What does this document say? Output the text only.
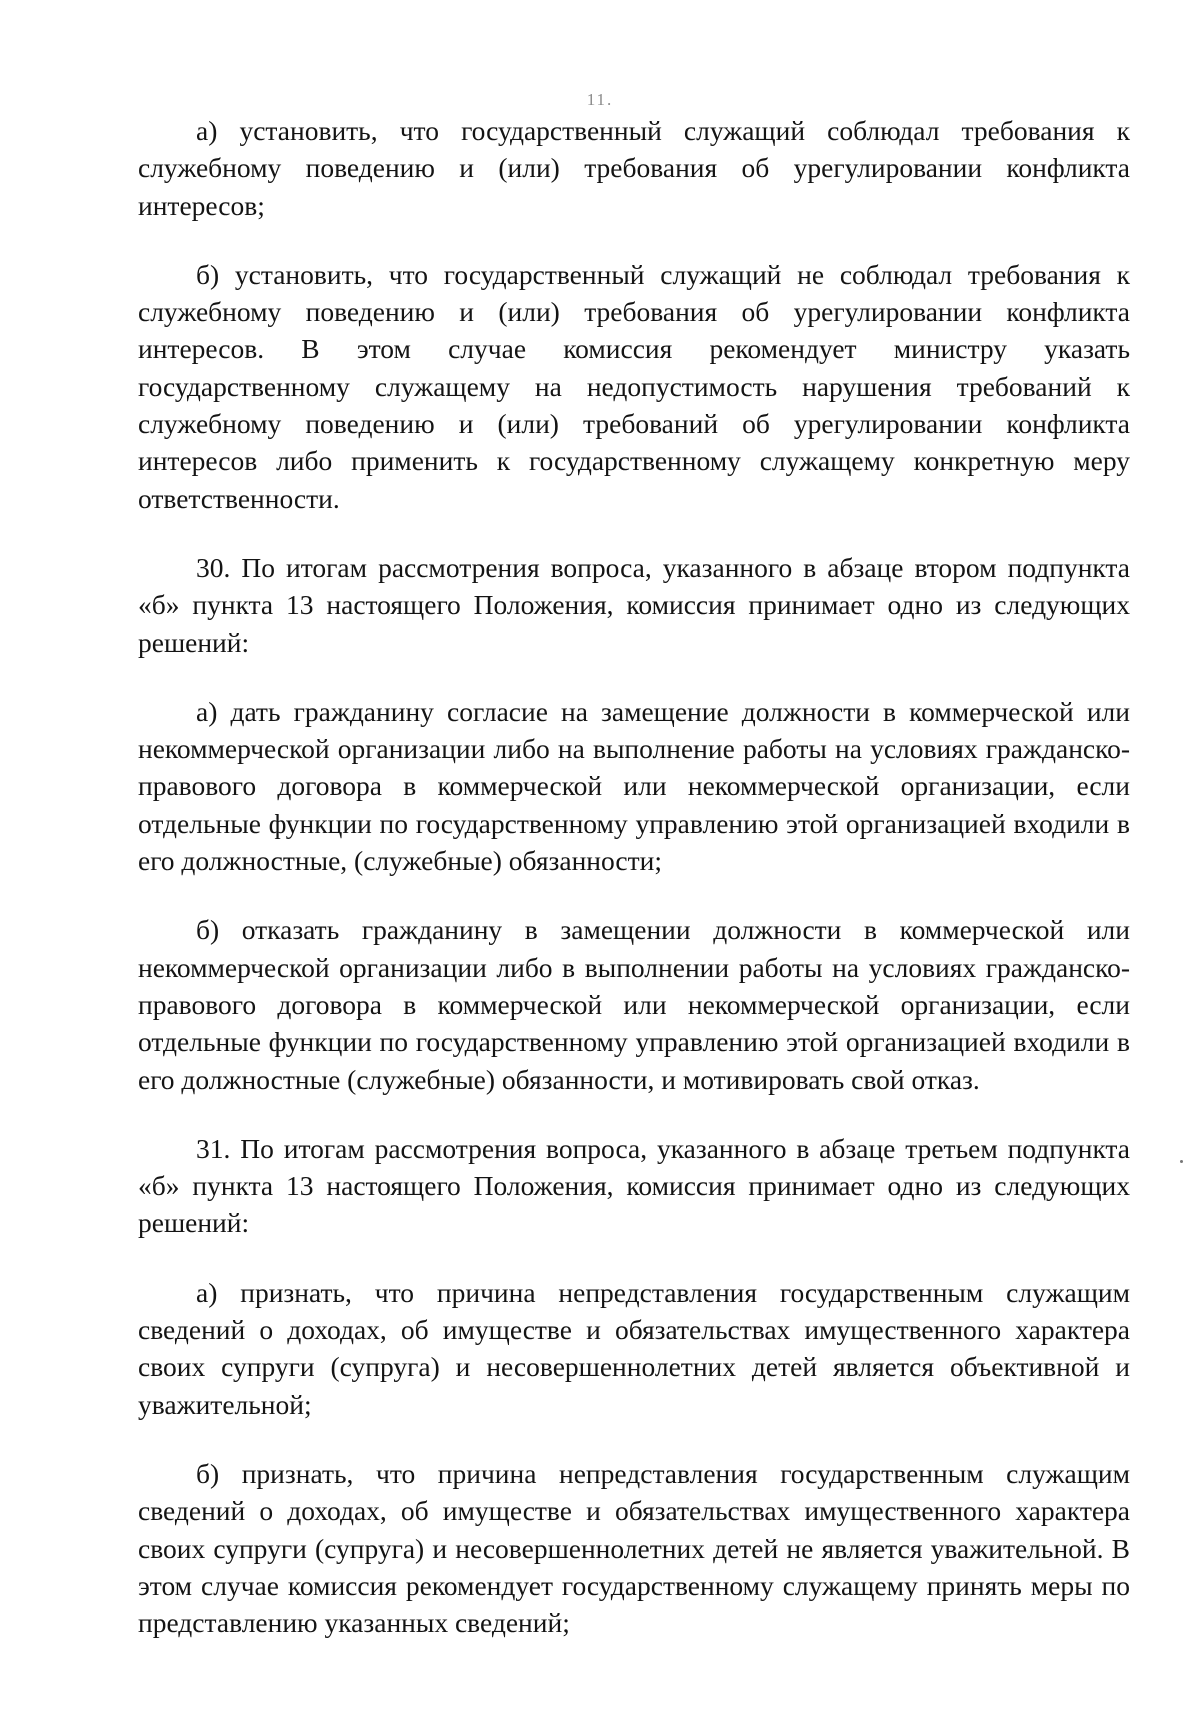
11.

а) установить, что государственный служащий соблюдал требования к служебному поведению и (или) требования об урегулировании конфликта интересов;

б) установить, что государственный служащий не соблюдал требования к служебному поведению и (или) требования об урегулировании конфликта интересов. В этом случае комиссия рекомендует министру указать государственному служащему на недопустимость нарушения требований к служебному поведению и (или) требований об урегулировании конфликта интересов либо применить к государственному служащему конкретную меру ответственности.

30. По итогам рассмотрения вопроса, указанного в абзаце втором подпункта «б» пункта 13 настоящего Положения, комиссия принимает одно из следующих решений:

а) дать гражданину согласие на замещение должности в коммерческой или некоммерческой организации либо на выполнение работы на условиях гражданско-правового договора в коммерческой или некоммерческой организации, если отдельные функции по государственному управлению этой организацией входили в его должностные, (служебные) обязанности;

б) отказать гражданину в замещении должности в коммерческой или некоммерческой организации либо в выполнении работы на условиях гражданско-правового договора в коммерческой или некоммерческой организации, если отдельные функции по государственному управлению этой организацией входили в его должностные (служебные) обязанности, и мотивировать свой отказ.

31. По итогам рассмотрения вопроса, указанного в абзаце третьем подпункта «б» пункта 13 настоящего Положения, комиссия принимает одно из следующих решений:

а) признать, что причина непредставления государственным служащим сведений о доходах, об имуществе и обязательствах имущественного характера своих супруги (супруга) и несовершеннолетних детей является объективной и уважительной;

б) признать, что причина непредставления государственным служащим сведений о доходах, об имуществе и обязательствах имущественного характера своих супруги (супруга) и несовершеннолетних детей не является уважительной. В этом случае комиссия рекомендует государственному служащему принять меры по представлению указанных сведений;
